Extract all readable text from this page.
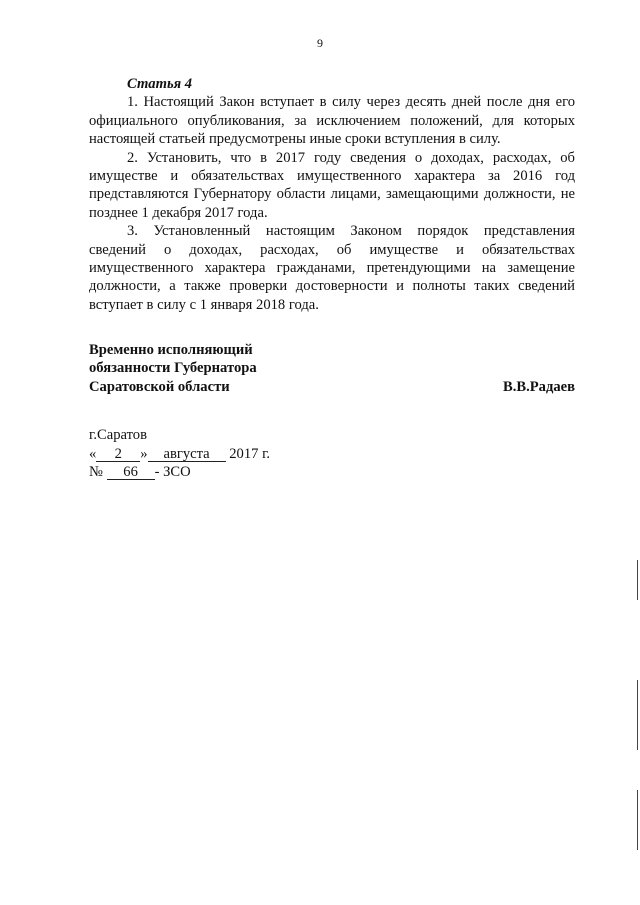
9

Статья 4

1. Настоящий Закон вступает в силу через десять дней после дня его официального опубликования, за исключением положений, для которых настоящей статьей предусмотрены иные сроки вступления в силу.

2. Установить, что в 2017 году сведения о доходах, расходах, об имуществе и обязательствах имущественного характера за 2016 год представляются Губернатору области лицами, замещающими должности, не позднее 1 декабря 2017 года.

3. Установленный настоящим Законом порядок представления сведений о доходах, расходах, об имуществе и обязательствах имущественного характера гражданами, претендующими на замещение должности, а также проверки достоверности и полноты таких сведений вступает в силу с 1 января 2018 года.

Временно исполняющий
обязанности Губернатора
Саратовской области	В.В.Радаев
г.Саратов
« 2 » августа 2017 г.
№ 66 - ЗСО
